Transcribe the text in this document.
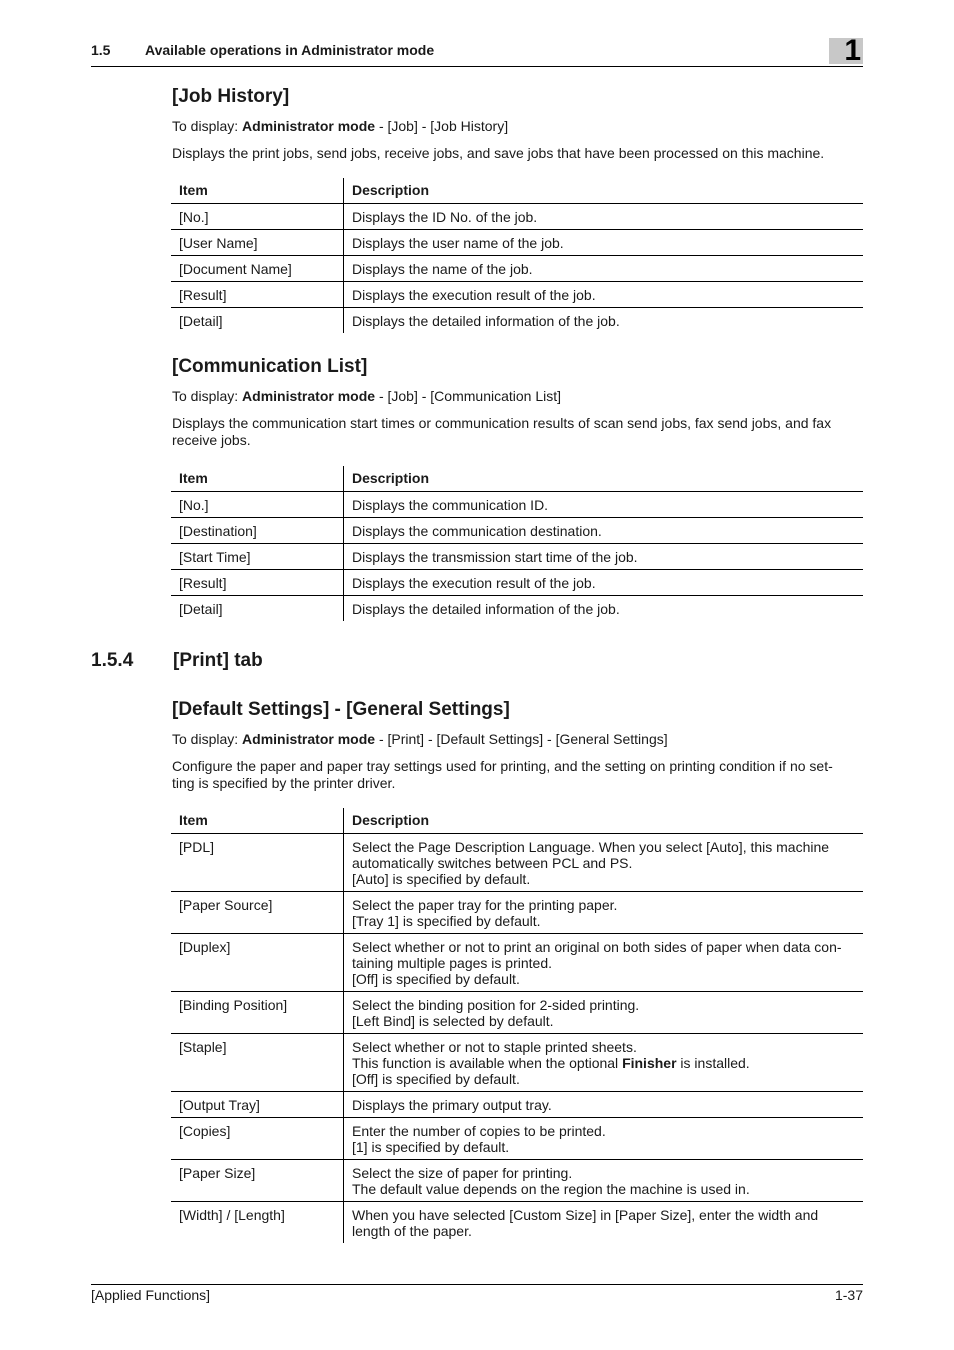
1.5 Available operations in Administrator mode	1
[Job History]

To display: Administrator mode - [Job] - [Job History]

Displays the print jobs, send jobs, receive jobs, and save jobs that have been processed on this machine.

Item	Description
[No.]	Displays the ID No. of the job.
[User Name]	Displays the user name of the job.
[Document Name]	Displays the name of the job.
[Result]	Displays the execution result of the job.
[Detail]	Displays the detailed information of the job.
[Communication List]

To display: Administrator mode - [Job] - [Communication List]

Displays the communication start times or communication results of scan send jobs, fax send jobs, and fax receive jobs.

Item	Description
[No.]	Displays the communication ID.
[Destination]	Displays the communication destination.
[Start Time]	Displays the transmission start time of the job.
[Result]	Displays the execution result of the job.
[Detail]	Displays the detailed information of the job.
1.5.4 [Print] tab
[Default Settings] - [General Settings]

To display: Administrator mode - [Print] - [Default Settings] - [General Settings]

Configure the paper and paper tray settings used for printing, and the setting on printing condition if no set-
ting is specified by the printer driver.

Item	Description
[PDL]	Select the Page Description Language. When you select [Auto], this machine
automatically switches between PCL and PS.
[Auto] is specified by default.

[Paper Source]	Select the paper tray for the printing paper.
[Tray 1] is specified by default.

[Duplex]	Select whether or not to print an original on both sides of paper when data con-
taining multiple pages is printed.
[Off] is specified by default.

[Binding Position]	Select the binding position for 2-sided printing.
[Left Bind] is selected by default.

[Staple]	Select whether or not to staple printed sheets.
This function is available when the optional Finisher is installed.
[Off] is specified by default.

[Output Tray]	Displays the primary output tray.

[Copies]	Enter the number of copies to be printed.
[1] is specified by default.

[Paper Size]	Select the size of paper for printing.
The default value depends on the region the machine is used in.

[Width] / [Length]	When you have selected [Custom Size] in [Paper Size], enter the width and
length of the paper.
[Applied Functions]	1-37
